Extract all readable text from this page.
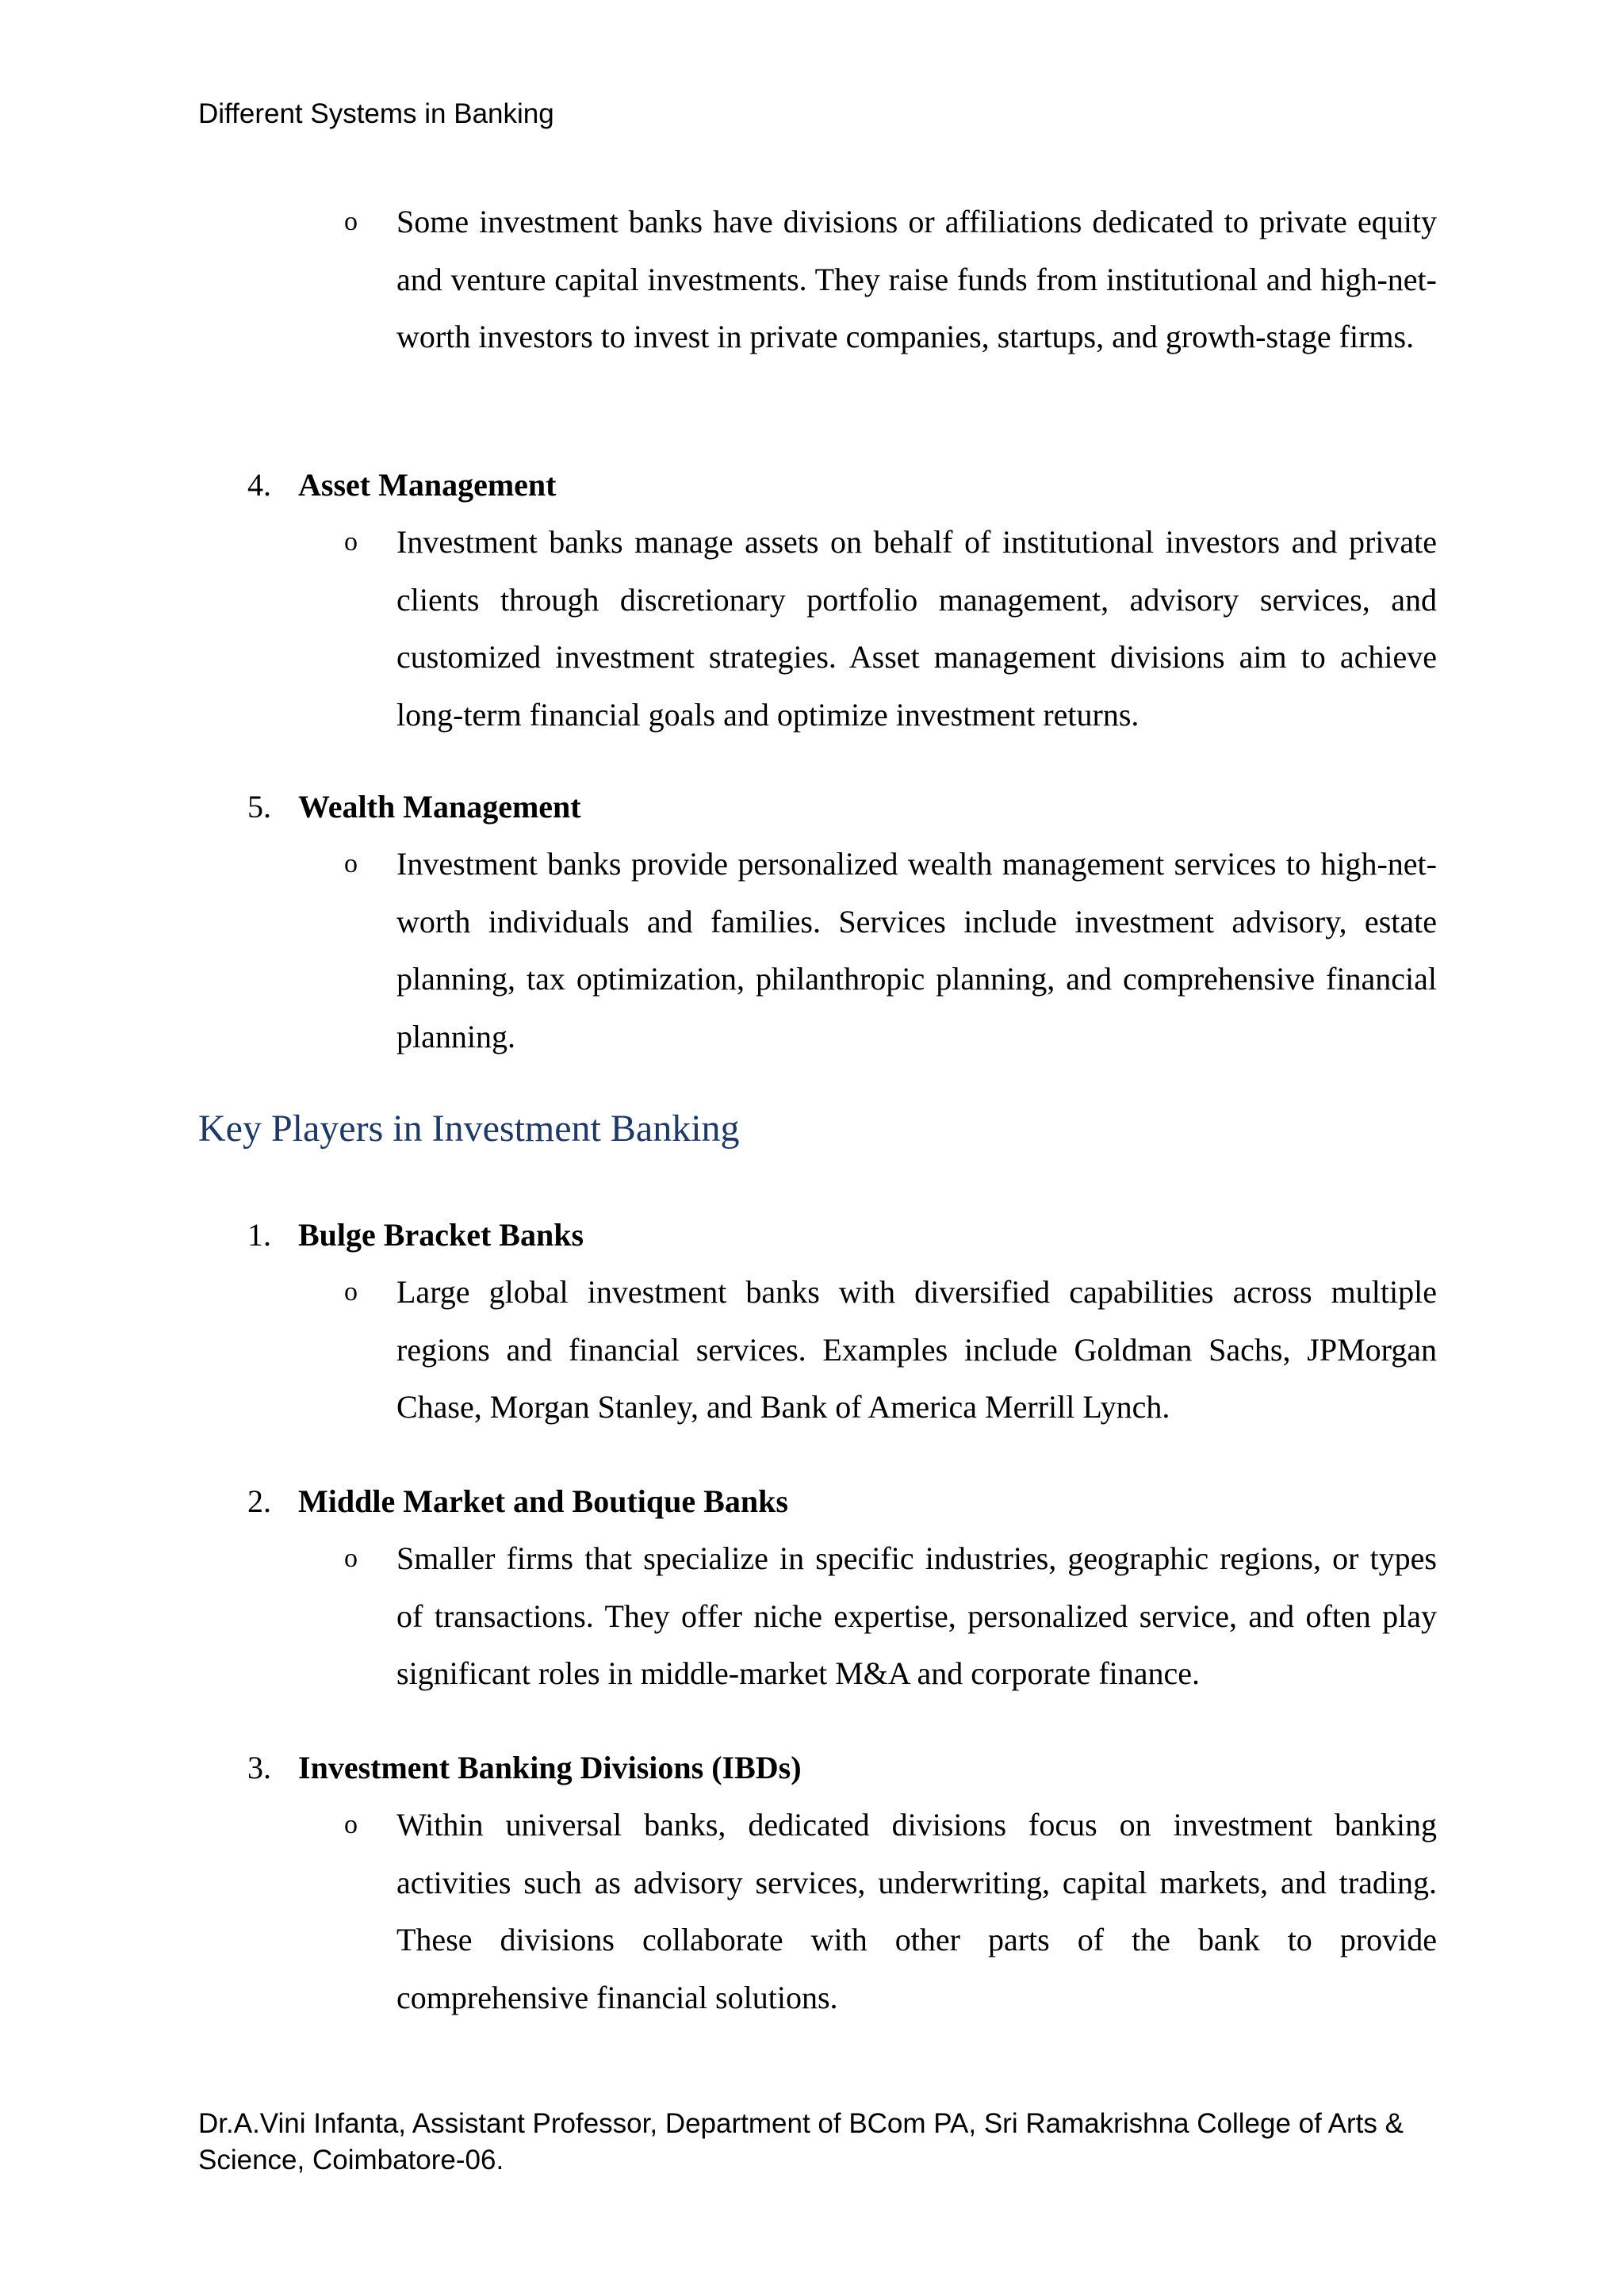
Different Systems in Banking
o Some investment banks have divisions or affiliations dedicated to private equity and venture capital investments. They raise funds from institutional and high-net-worth investors to invest in private companies, startups, and growth-stage firms.
4. Asset Management
o Investment banks manage assets on behalf of institutional investors and private clients through discretionary portfolio management, advisory services, and customized investment strategies. Asset management divisions aim to achieve long-term financial goals and optimize investment returns.
5. Wealth Management
o Investment banks provide personalized wealth management services to high-net-worth individuals and families. Services include investment advisory, estate planning, tax optimization, philanthropic planning, and comprehensive financial planning.
Key Players in Investment Banking
1. Bulge Bracket Banks
o Large global investment banks with diversified capabilities across multiple regions and financial services. Examples include Goldman Sachs, JPMorgan Chase, Morgan Stanley, and Bank of America Merrill Lynch.
2. Middle Market and Boutique Banks
o Smaller firms that specialize in specific industries, geographic regions, or types of transactions. They offer niche expertise, personalized service, and often play significant roles in middle-market M&A and corporate finance.
3. Investment Banking Divisions (IBDs)
o Within universal banks, dedicated divisions focus on investment banking activities such as advisory services, underwriting, capital markets, and trading. These divisions collaborate with other parts of the bank to provide comprehensive financial solutions.
Dr.A.Vini Infanta, Assistant Professor, Department of BCom PA, Sri Ramakrishna College of Arts & Science, Coimbatore-06.
